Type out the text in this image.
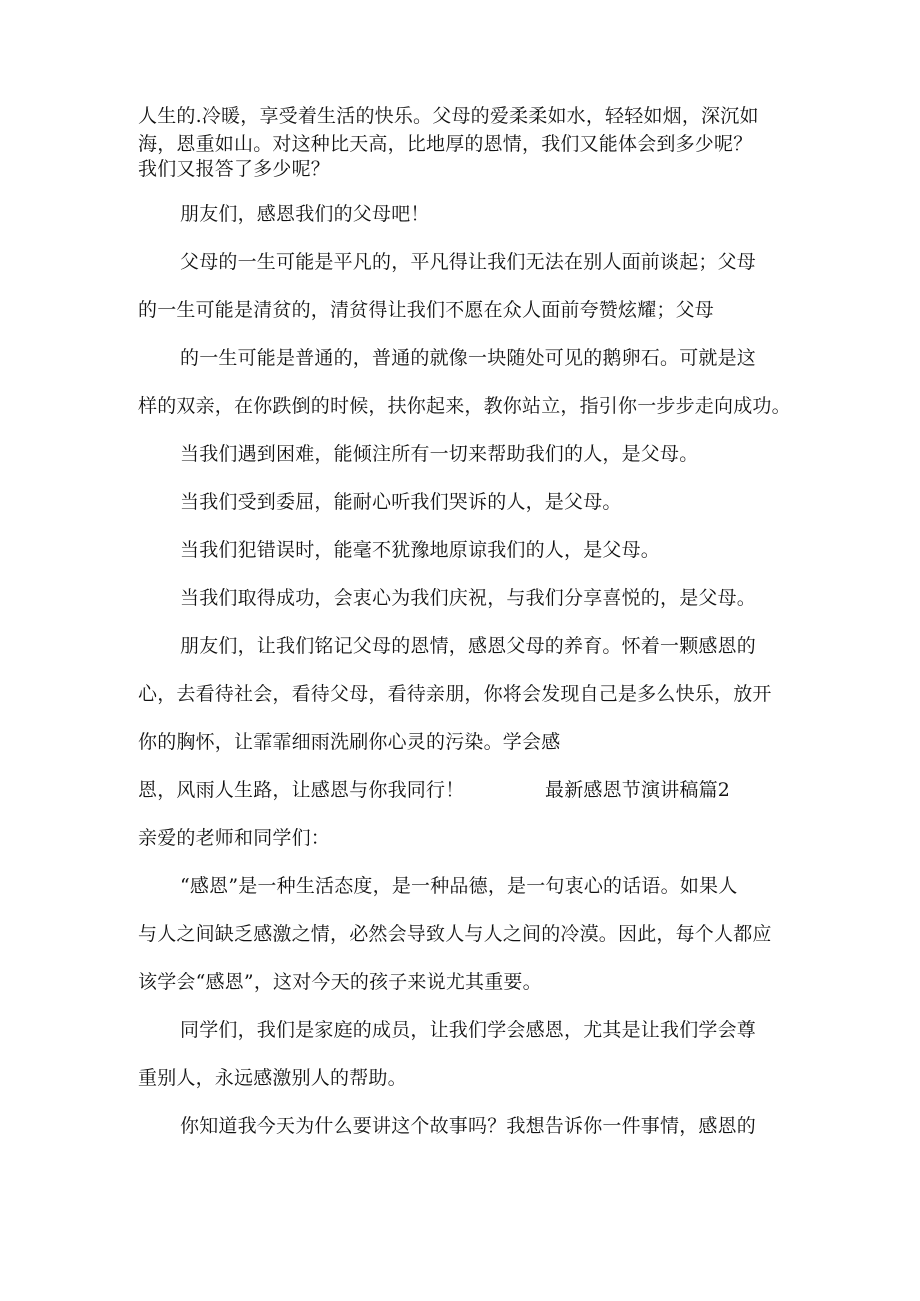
人生的.冷暖，享受着生活的快乐。父母的爱柔柔如水，轻轻如烟，深沉如
海，恩重如山。对这种比天高，比地厚的恩情，我们又能体会到多少呢？
我们又报答了多少呢？
朋友们，感恩我们的父母吧！
父母的一生可能是平凡的，平凡得让我们无法在别人面前谈起；父母
的一生可能是清贫的，清贫得让我们不愿在众人面前夸赞炫耀；父母
的一生可能是普通的，普通的就像一块随处可见的鹅卵石。可就是这
样的双亲，在你跌倒的时候，扶你起来，教你站立，指引你一步步走向成功。
当我们遇到困难，能倾注所有一切来帮助我们的人，是父母。
当我们受到委屈，能耐心听我们哭诉的人，是父母。
当我们犯错误时，能毫不犹豫地原谅我们的人，是父母。
当我们取得成功，会衷心为我们庆祝，与我们分享喜悦的，是父母。
朋友们，让我们铭记父母的恩情，感恩父母的养育。怀着一颗感恩的
心，去看待社会，看待父母，看待亲朋，你将会发现自己是多么快乐，放开
你的胸怀，让霏霏细雨洗刷你心灵的污染。学会感
恩，风雨人生路，让感恩与你我同行！	最新感恩节演讲稿篇2
亲爱的老师和同学们：
“感恩”是一种生活态度，是一种品德，是一句衷心的话语。如果人
与人之间缺乏感激之情，必然会导致人与人之间的冷漠。因此，每个人都应
该学会“感恩”，这对今天的孩子来说尤其重要。
同学们，我们是家庭的成员，让我们学会感恩，尤其是让我们学会尊
重别人，永远感激别人的帮助。
你知道我今天为什么要讲这个故事吗？我想告诉你一件事情，感恩的
